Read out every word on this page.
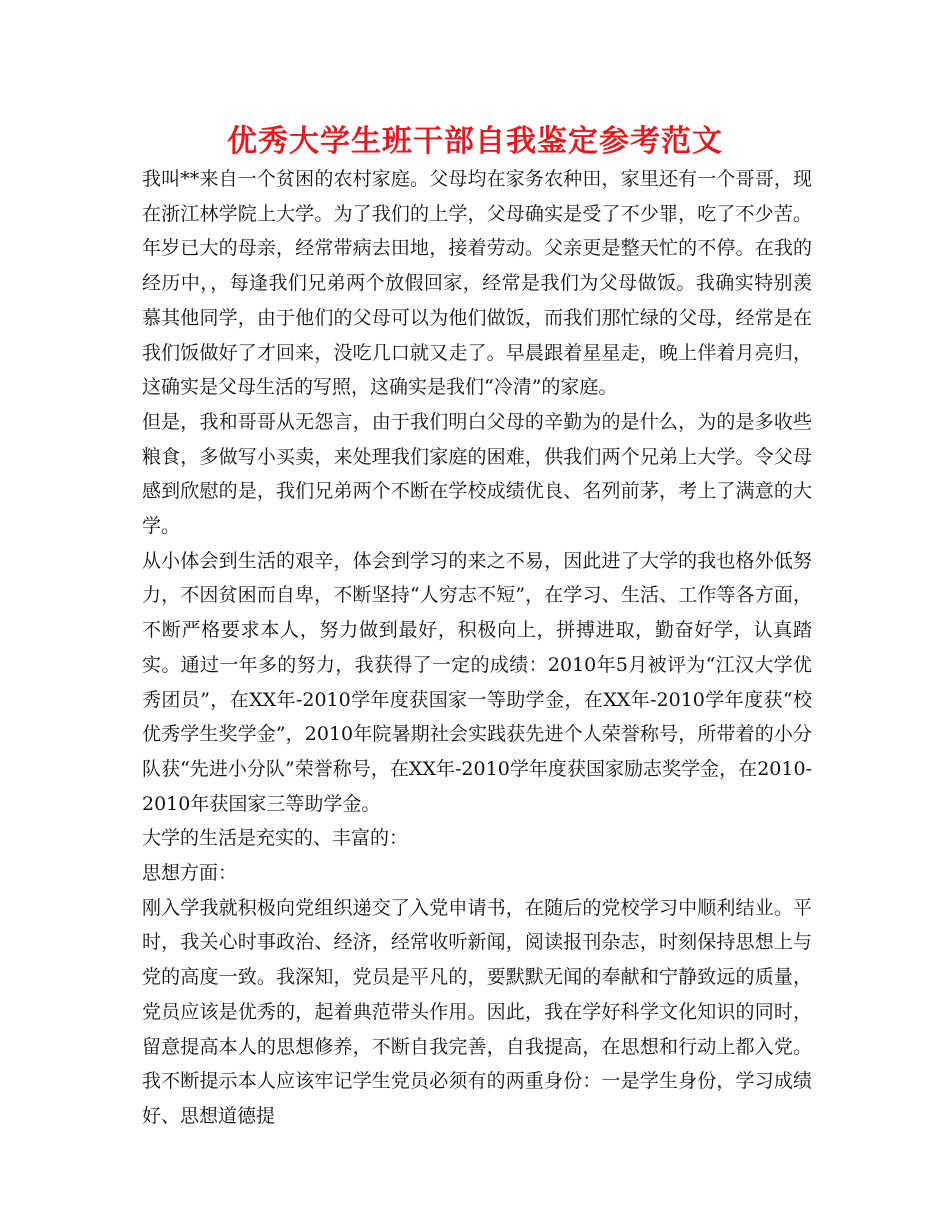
优秀大学生班干部自我鉴定参考范文

我叫**来自一个贫困的农村家庭。父母均在家务农种田，家里还有一个哥哥，现在浙江林学院上大学。为了我们的上学，父母确实是受了不少罪，吃了不少苦。年岁已大的母亲，经常带病去田地，接着劳动。父亲更是整天忙的不停。在我的经历中，，每逢我们兄弟两个放假回家，经常是我们为父母做饭。我确实特别羡慕其他同学，由于他们的父母可以为他们做饭，而我们那忙绿的父母，经常是在我们饭做好了才回来，没吃几口就又走了。早晨跟着星星走，晚上伴着月亮归，这确实是父母生活的写照，这确实是我们“冷清”的家庭。

但是，我和哥哥从无怨言，由于我们明白父母的辛勤为的是什么，为的是多收些粮食，多做写小买卖，来处理我们家庭的困难，供我们两个兄弟上大学。令父母感到欣慰的是，我们兄弟两个不断在学校成绩优良、名列前茅，考上了满意的大学。

从小体会到生活的艰辛，体会到学习的来之不易，因此进了大学的我也格外低努力，不因贫困而自卑，不断坚持“人穷志不短”，在学习、生活、工作等各方面，不断严格要求本人，努力做到最好，积极向上，拼搏进取，勤奋好学，认真踏实。通过一年多的努力，我获得了一定的成绩：2010年5月被评为“江汉大学优秀团员”，在XX年-2010学年度获国家一等助学金，在XX年-2010学年度获“校优秀学生奖学金”，2010年院暑期社会实践获先进个人荣誉称号，所带着的小分队获“先进小分队”荣誉称号，在XX年-2010学年度获国家励志奖学金，在2010-2010年获国家三等助学金。

大学的生活是充实的、丰富的：

思想方面：

刚入学我就积极向党组织递交了入党申请书，在随后的党校学习中顺利结业。平时，我关心时事政治、经济，经常收听新闻，阅读报刊杂志，时刻保持思想上与党的高度一致。我深知，党员是平凡的，要默默无闻的奉献和宁静致远的质量，党员应该是优秀的，起着典范带头作用。因此，我在学好科学文化知识的同时，留意提高本人的思想修养，不断自我完善，自我提高，在思想和行动上都入党。我不断提示本人应该牢记学生党员必须有的两重身份：一是学生身份，学习成绩好、思想道德提
